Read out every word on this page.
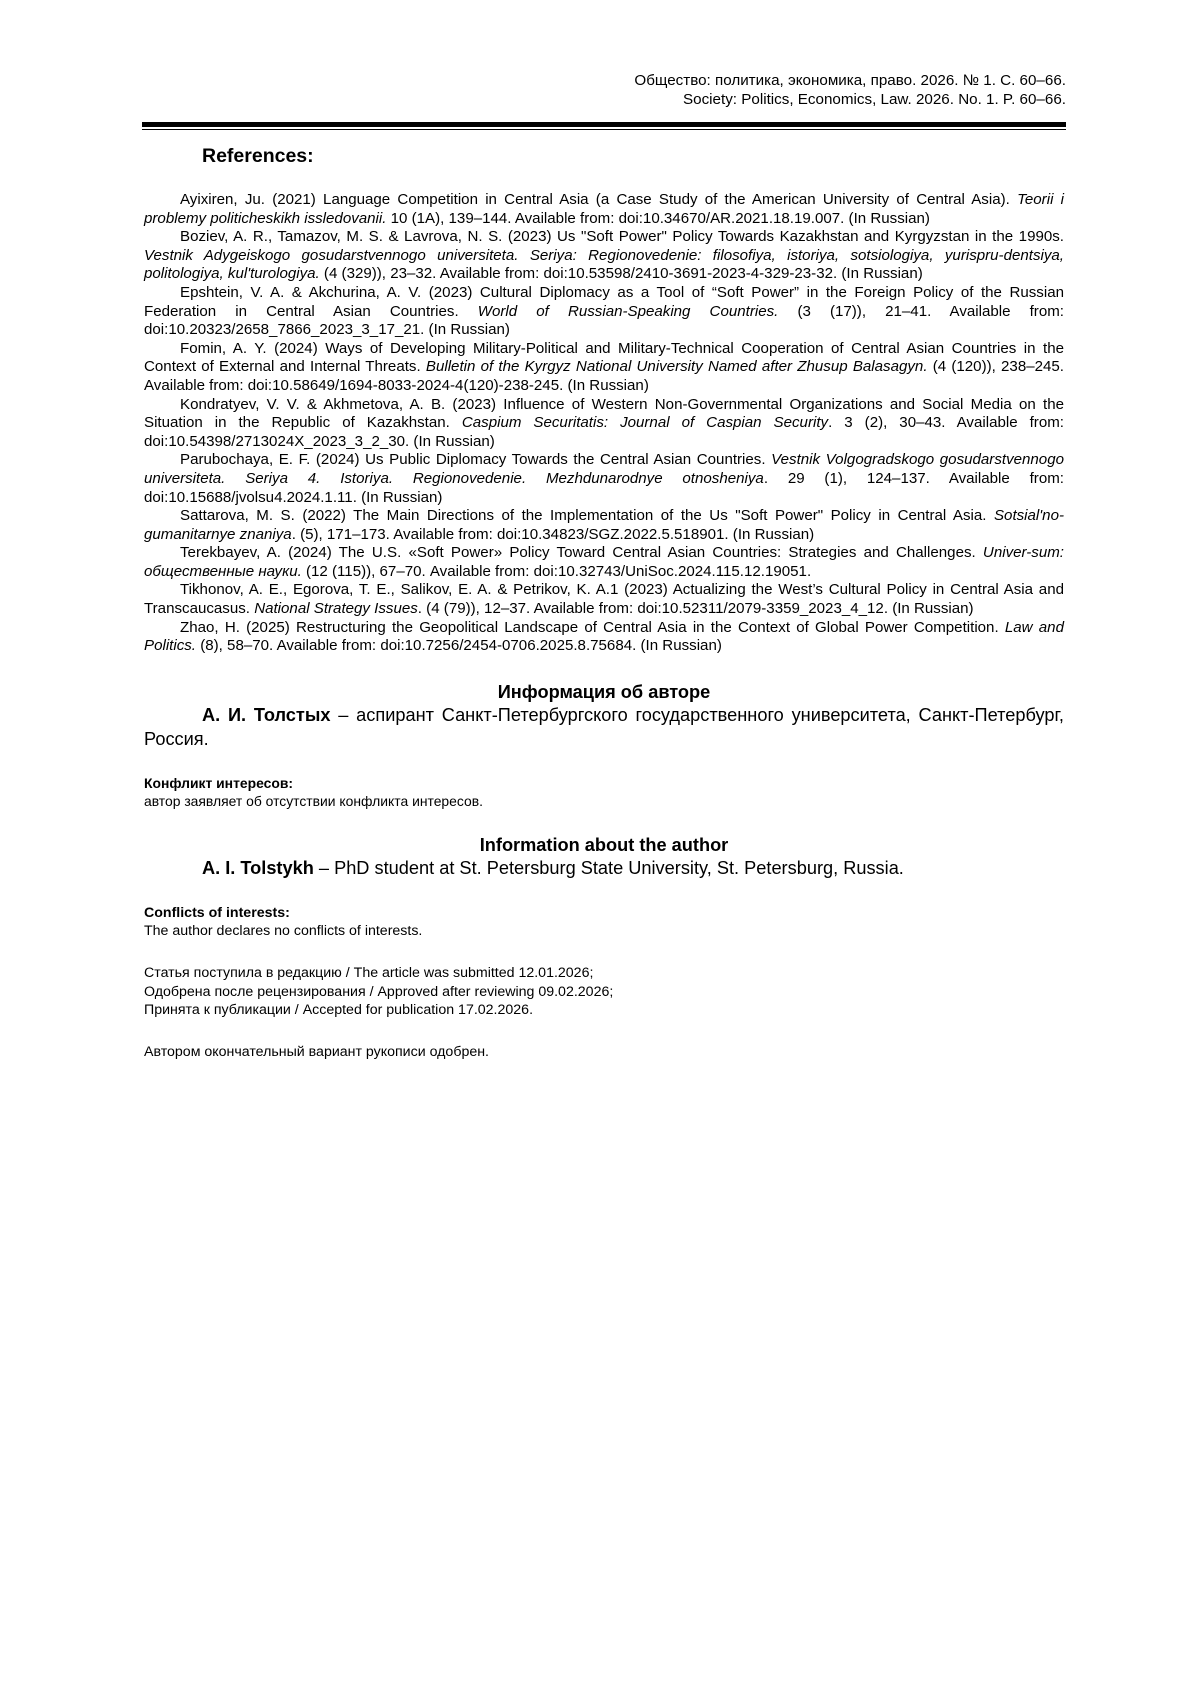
Общество: политика, экономика, право. 2026. № 1. С. 60–66.
Society: Politics, Economics, Law. 2026. No. 1. P. 60–66.
References:

Ayixiren, Ju. (2021) Language Competition in Central Asia (a Case Study of the American University of Central Asia). Teorii i problemy politicheskikh issledovanii. 10 (1A), 139–144. Available from: doi:10.34670/AR.2021.18.19.007. (In Russian)

Boziev, A. R., Tamazov, M. S. & Lavrova, N. S. (2023) Us "Soft Power" Policy Towards Kazakhstan and Kyrgyzstan in the 1990s. Vestnik Adygeiskogo gosudarstvennogo universiteta. Seriya: Regionovedenie: filosofiya, istoriya, sotsiologiya, yurispru-dentsiya, politologiya, kul'turologiya. (4 (329)), 23–32. Available from: doi:10.53598/2410-3691-2023-4-329-23-32. (In Russian)

Epshtein, V. A. & Akchurina, A. V. (2023) Cultural Diplomacy as a Tool of “Soft Power” in the Foreign Policy of the Russian Federation in Central Asian Countries. World of Russian-Speaking Countries. (3 (17)), 21–41. Available from: doi:10.20323/2658_7866_2023_3_17_21. (In Russian)

Fomin, A. Y. (2024) Ways of Developing Military-Political and Military-Technical Cooperation of Central Asian Countries in the Context of External and Internal Threats. Bulletin of the Kyrgyz National University Named after Zhusup Balasagyn. (4 (120)), 238–245. Available from: doi:10.58649/1694-8033-2024-4(120)-238-245. (In Russian)

Kondratyev, V. V. & Akhmetova, A. B. (2023) Influence of Western Non-Governmental Organizations and Social Media on the Situation in the Republic of Kazakhstan. Caspium Securitatis: Journal of Caspian Security. 3 (2), 30–43. Available from: doi:10.54398/2713024X_2023_3_2_30. (In Russian)

Parubochaya, E. F. (2024) Us Public Diplomacy Towards the Central Asian Countries. Vestnik Volgogradskogo gosudarstvennogo universiteta. Seriya 4. Istoriya. Regionovedenie. Mezhdunarodnye otnosheniya. 29 (1), 124–137. Available from: doi:10.15688/jvolsu4.2024.1.11. (In Russian)

Sattarova, M. S. (2022) The Main Directions of the Implementation of the Us "Soft Power" Policy in Central Asia. Sotsial'no-gumanitarnye znaniya. (5), 171–173. Available from: doi:10.34823/SGZ.2022.5.518901. (In Russian)

Terekbayev, A. (2024) The U.S. «Soft Power» Policy Toward Central Asian Countries: Strategies and Challenges. Univer-sum: общественные науки. (12 (115)), 67–70. Available from: doi:10.32743/UniSoc.2024.115.12.19051.

Tikhonov, A. E., Egorova, T. E., Salikov, E. A. & Petrikov, K. A.1 (2023) Actualizing the West’s Cultural Policy in Central Asia and Transcaucasus. National Strategy Issues. (4 (79)), 12–37. Available from: doi:10.52311/2079-3359_2023_4_12. (In Russian)

Zhao, H. (2025) Restructuring the Geopolitical Landscape of Central Asia in the Context of Global Power Competition. Law and Politics. (8), 58–70. Available from: doi:10.7256/2454-0706.2025.8.75684. (In Russian)

Информация об авторе

А. И. Толстых – аспирант Санкт-Петербургского государственного университета, Санкт-Петербург, Россия.

Конфликт интересов:

автор заявляет об отсутствии конфликта интересов.

Information about the author

A. I. Tolstykh – PhD student at St. Petersburg State University, St. Petersburg, Russia.

Conflicts of interests:

The author declares no conflicts of interests.

Статья поступила в редакцию / The article was submitted 12.01.2026;

Одобрена после рецензирования / Approved after reviewing 09.02.2026;

Принята к публикации / Accepted for publication 17.02.2026.

Автором окончательный вариант рукописи одобрен.
